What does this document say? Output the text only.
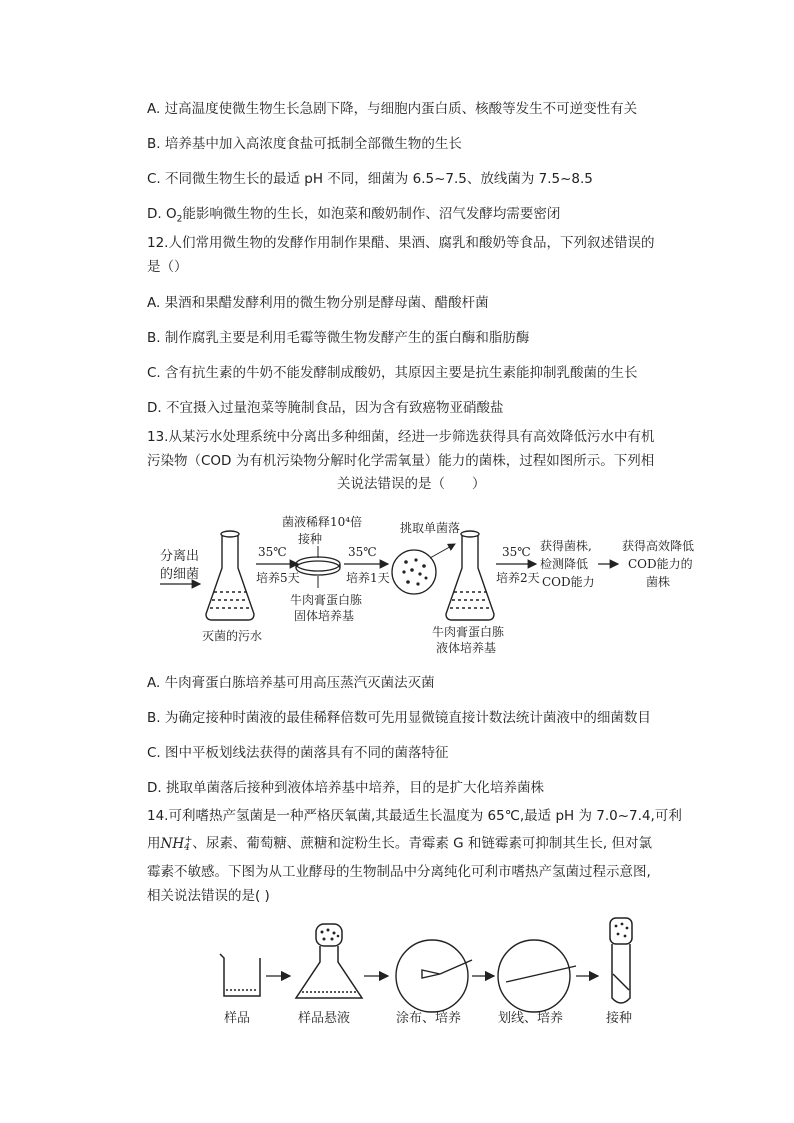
A. 过高温度使微生物生长急剧下降，与细胞内蛋白质、核酸等发生不可逆变性有关
B. 培养基中加入高浓度食盐可抵制全部微生物的生长
C. 不同微生物生长的最适 pH 不同，细菌为 6.5~7.5、放线菌为 7.5~8.5
D. $O_2$能影响微生物的生长，如泡菜和酸奶制作、沼气发酵均需要密闭
12.人们常用微生物的发酵作用制作果醋、果酒、腐乳和酸奶等食品，下列叙述错误的
是（）
A. 果酒和果醋发酵利用的微生物分别是酵母菌、醋酸杆菌
B. 制作腐乳主要是利用毛霉等微生物发酵产生的蛋白酶和脂肪酶
C. 含有抗生素的牛奶不能发酵制成酸奶，其原因主要是抗生素能抑制乳酸菌的生长
D. 不宜摄入过量泡菜等腌制食品，因为含有致癌物亚硝酸盐
13.从某污水处理系统中分离出多种细菌，经进一步筛选获得具有高效降低污水中有机
污染物（COD 为有机污染物分解时化学需氧量）能力的菌株，过程如图所示。下列相
关说法错误的是（　　）
分离出
的细菌
灭菌的污水
35℃
培养5天
菌液稀释10⁴倍
接种
牛肉膏蛋白胨
固体培养基
35℃
培养1天
挑取单菌落
牛肉膏蛋白胨
液体培养基
35℃
培养2天
获得菌株,
检测降低
COD能力
获得高效降低
COD能力的
菌株
A. 牛肉膏蛋白胨培养基可用高压蒸汽灭菌法灭菌
B. 为确定接种时菌液的最佳稀释倍数可先用显微镜直接计数法统计菌液中的细菌数目
C. 图中平板划线法获得的菌落具有不同的菌落特征
D. 挑取单菌落后接种到液体培养基中培养，目的是扩大化培养菌株
14.可利嗜热产氢菌是一种严格厌氧菌,其最适生长温度为 65℃,最适 pH 为 7.0~7.4,可利
用$NH_4^+$、尿素、葡萄糖、蔗糖和淀粉生长。青霉素 G 和链霉素可抑制其生长, 但对氯
霉素不敏感。下图为从工业酵母的生物制品中分离纯化可利市嗜热产氢菌过程示意图,
相关说法错误的是( )
样品	样品悬液	涂布、培养	划线、培养	接种
